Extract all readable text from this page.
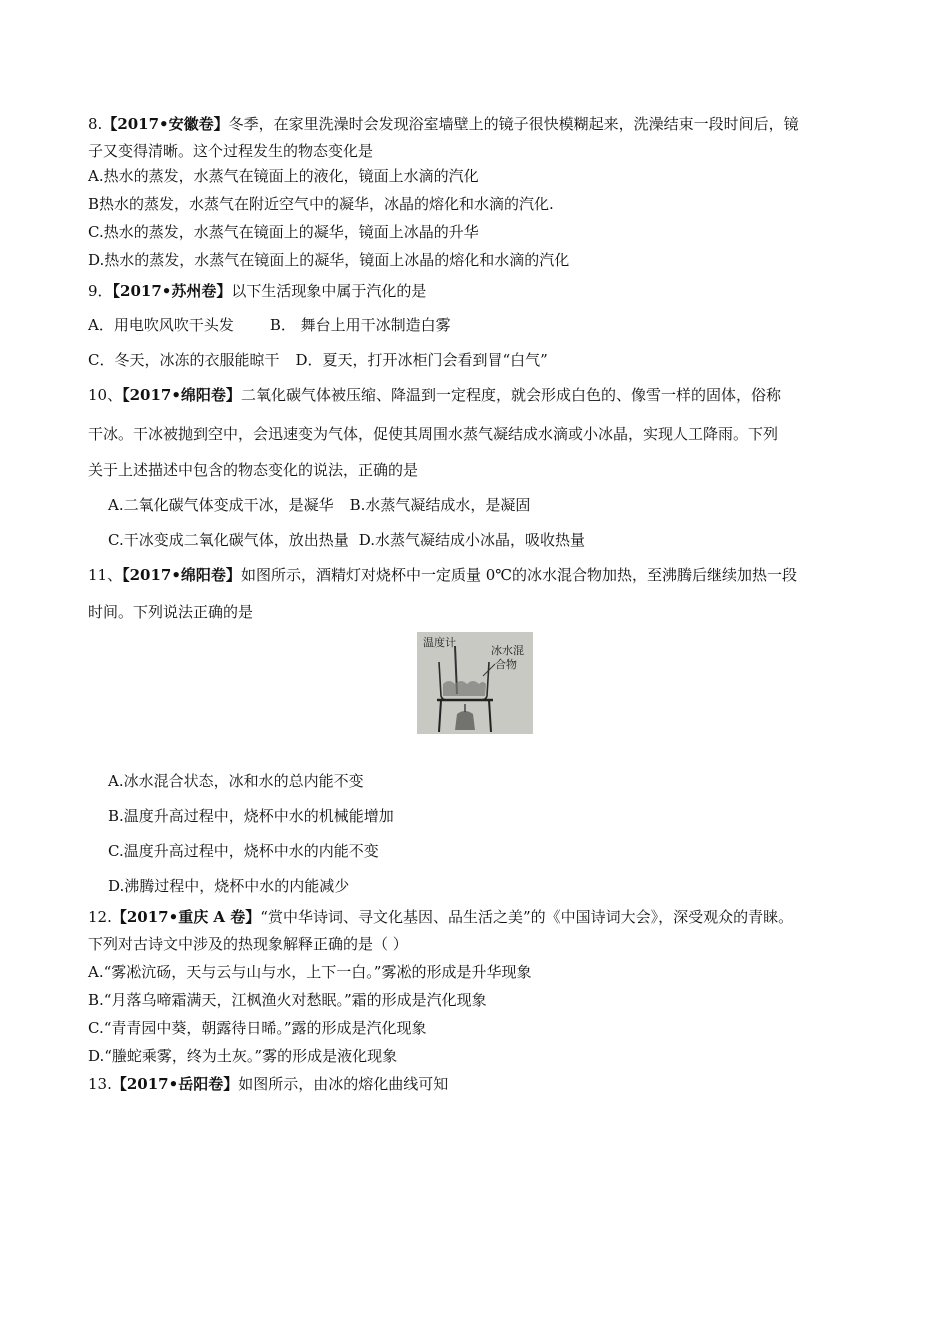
8.【2017•安徽卷】冬季，在家里洗澡时会发现浴室墙壁上的镜子很快模糊起来，洗澡结束一段时间后，镜
子又变得清晰。这个过程发生的物态变化是
A.热水的蒸发，水蒸气在镜面上的液化，镜面上水滴的汽化
B热水的蒸发，水蒸气在附近空气中的凝华，冰晶的熔化和水滴的汽化.
C.热水的蒸发，水蒸气在镜面上的凝华，镜面上冰晶的升华
D.热水的蒸发，水蒸气在镜面上的凝华，镜面上冰晶的熔化和水滴的汽化
9．【2017•苏州卷】以下生活现象中属于汽化的是
A．用电吹风吹干头发 B． 舞台上用干冰制造白雾
C．冬天，冰冻的衣服能晾干 D．夏天，打开冰柜门会看到冒“白气”
10、【2017•绵阳卷】二氧化碳气体被压缩、降温到一定程度，就会形成白色的、像雪一样的固体，俗称
干冰。干冰被抛到空中，会迅速变为气体，促使其周围水蒸气凝结成水滴或小冰晶，实现人工降雨。下列
关于上述描述中包含的物态变化的说法，正确的是
A.二氧化碳气体变成干冰，是凝华 B.水蒸气凝结成水，是凝固
C.干冰变成二氧化碳气体，放出热量 D.水蒸气凝结成小冰晶，吸收热量
11、【2017•绵阳卷】如图所示，酒精灯对烧杯中一定质量 0℃的冰水混合物加热，至沸腾后继续加热一段
时间。下列说法正确的是
温度计
冰水混
合物
A.冰水混合状态，冰和水的总内能不变
B.温度升高过程中，烧杯中水的机械能增加
C.温度升高过程中，烧杯中水的内能不变
D.沸腾过程中，烧杯中水的内能减少
12.【2017•重庆 A 卷】“赏中华诗词、寻文化基因、品生活之美”的《中国诗词大会》，深受观众的青睐。
下列对古诗文中涉及的热现象解释正确的是（ ）
A.“雾凇沆砀，天与云与山与水，上下一白。”雾凇的形成是升华现象
B.“月落乌啼霜满天，江枫渔火对愁眠。”霜的形成是汽化现象
C.“青青园中葵，朝露待日晞。”露的形成是汽化现象
D.“螣蛇乘雾，终为土灰。”雾的形成是液化现象
13.【2017•岳阳卷】如图所示，由冰的熔化曲线可知
